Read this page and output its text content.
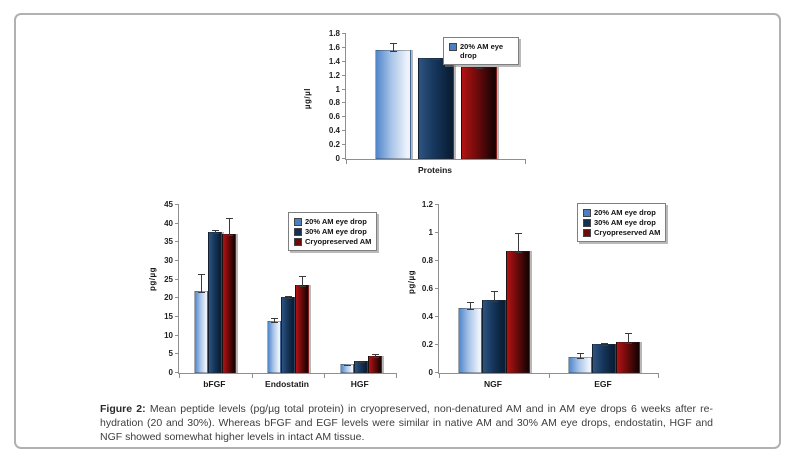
µg/µl
0
0.2
0.4
0.6
0.8
1
1.2
1.4
1.6
1.8
Proteins
20% AM eye drop
pg/µg
0
5
10
15
20
25
30
35
40
45
bFGF	Endostatin	HGF
20% AM eye drop
30% AM eye drop
Cryopreserved AM
pg/µg
0
0.2
0.4
0.6
0.8
1
1.2
NGF	EGF
20% AM eye drop
30% AM eye drop
Cryopreserved AM
Figure 2: Mean peptide levels (pg/µg total protein) in cryopreserved, non-denatured AM and in AM eye drops 6 weeks after re-hydration (20 and 30%). Whereas bFGF and EGF levels were similar in native AM and 30% AM eye drops, endostatin, HGF and NGF showed somewhat higher levels in intact AM tissue.
